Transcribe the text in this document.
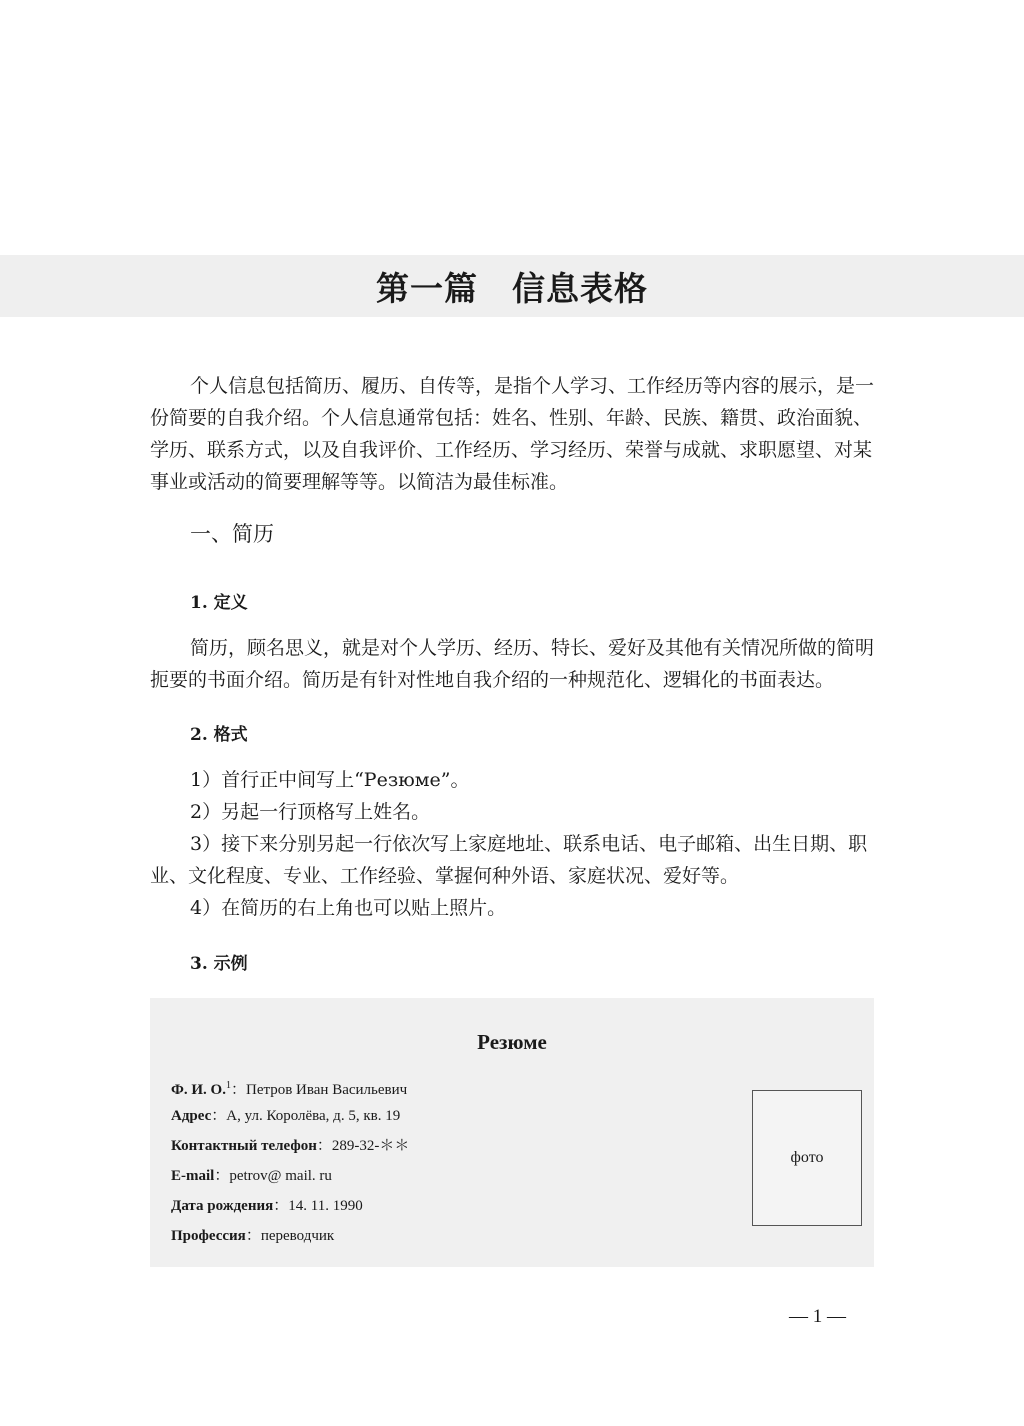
第一篇　信息表格

个人信息包括简历、履历、自传等，是指个人学习、工作经历等内容的展示，是一份简要的自我介绍。个人信息通常包括：姓名、性别、年龄、民族、籍贯、政治面貌、学历、联系方式，以及自我评价、工作经历、学习经历、荣誉与成就、求职愿望、对某事业或活动的简要理解等等。以简洁为最佳标准。

一、简历
1. 定义

简历，顾名思义，就是对个人学历、经历、特长、爱好及其他有关情况所做的简明扼要的书面介绍。简历是有针对性地自我介绍的一种规范化、逻辑化的书面表达。

2. 格式
1）首行正中间写上“Резюме”。
2）另起一行顶格写上姓名。
3）接下来分别另起一行依次写上家庭地址、联系电话、电子邮箱、出生日期、职业、文化程度、专业、工作经验、掌握何种外语、家庭状况、爱好等。
4）在简历的右上角也可以贴上照片。
3. 示例
Резюме
Ф. И. О.$^1$：Петров Иван Васильевич
Адрес：А, ул. Королёва, д. 5, кв. 19
Контактный телефон：289-32-＊＊
E-mail：petrov@ mail. ru
Дата рождения：14. 11. 1990
Профессия：переводчик
фото
— 1 —
